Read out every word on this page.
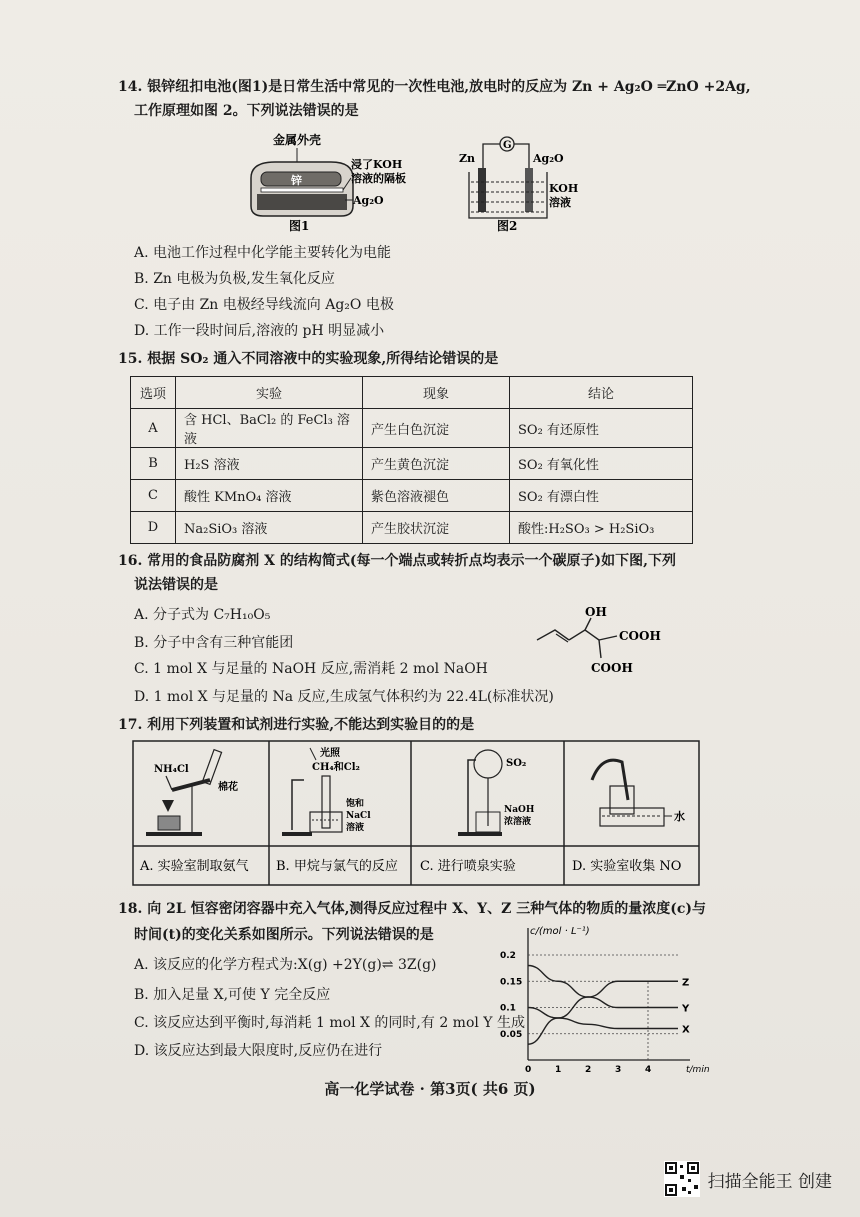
14. 银锌纽扣电池(图1)是日常生活中常见的一次性电池,放电时的反应为 Zn + Ag₂O ═ZnO +2Ag,
工作原理如图 2。下列说法错误的是
金属外壳
锌
浸了KOH
溶液的隔板
Ag₂O
图1
Zn	Ag₂O
G
KOH
溶液
图2
A. 电池工作过程中化学能主要转化为电能
B. Zn 电极为负极,发生氧化反应
C. 电子由 Zn 电极经导线流向 Ag₂O 电极
D. 工作一段时间后,溶液的 pH 明显减小
15. 根据 SO₂ 通入不同溶液中的实验现象,所得结论错误的是
选项	实验	现象	结论
A	含 HCl、BaCl₂ 的 FeCl₃ 溶液	产生白色沉淀	SO₂ 有还原性
B	H₂S 溶液	产生黄色沉淀	SO₂ 有氧化性
C	酸性 KMnO₄ 溶液	紫色溶液褪色	SO₂ 有漂白性
D	Na₂SiO₃ 溶液	产生胶状沉淀	酸性:H₂SO₃ > H₂SiO₃
16. 常用的食品防腐剂 X 的结构简式(每一个端点或转折点均表示一个碳原子)如下图,下列
说法错误的是
A. 分子式为 C₇H₁₀O₅
B. 分子中含有三种官能团
C. 1 mol X 与足量的 NaOH 反应,需消耗 2 mol NaOH
D. 1 mol X 与足量的 Na 反应,生成氢气体积约为 22.4L(标准状况)
OH
COOH
COOH
17. 利用下列装置和试剂进行实验,不能达到实验目的的是
NH₄Cl
棉花
光照
CH₄和Cl₂
饱和
NaCl
溶液
SO₂
NaOH
浓溶液	水
A. 实验室制取氨气 B. 甲烷与氯气的反应 C. 进行喷泉实验	D. 实验室收集 NO
18. 向 2L 恒容密闭容器中充入气体,测得反应过程中 X、Y、Z 三种气体的物质的量浓度(c)与
时间(t)的变化关系如图所示。下列说法错误的是
A. 该反应的化学方程式为:X(g) +2Y(g)⇌ 3Z(g)
B. 加入足量 X,可使 Y 完全反应
C. 该反应达到平衡时,每消耗 1 mol X 的同时,有 2 mol Y 生成
D. 该反应达到最大限度时,反应仍在进行
c/(mol · L⁻¹)
t/min
0	1	2	3	4
0.05
0.1
0.15
0.2
Z
Y
X
高一化学试卷 · 第3页( 共6 页)
扫描全能王 创建
